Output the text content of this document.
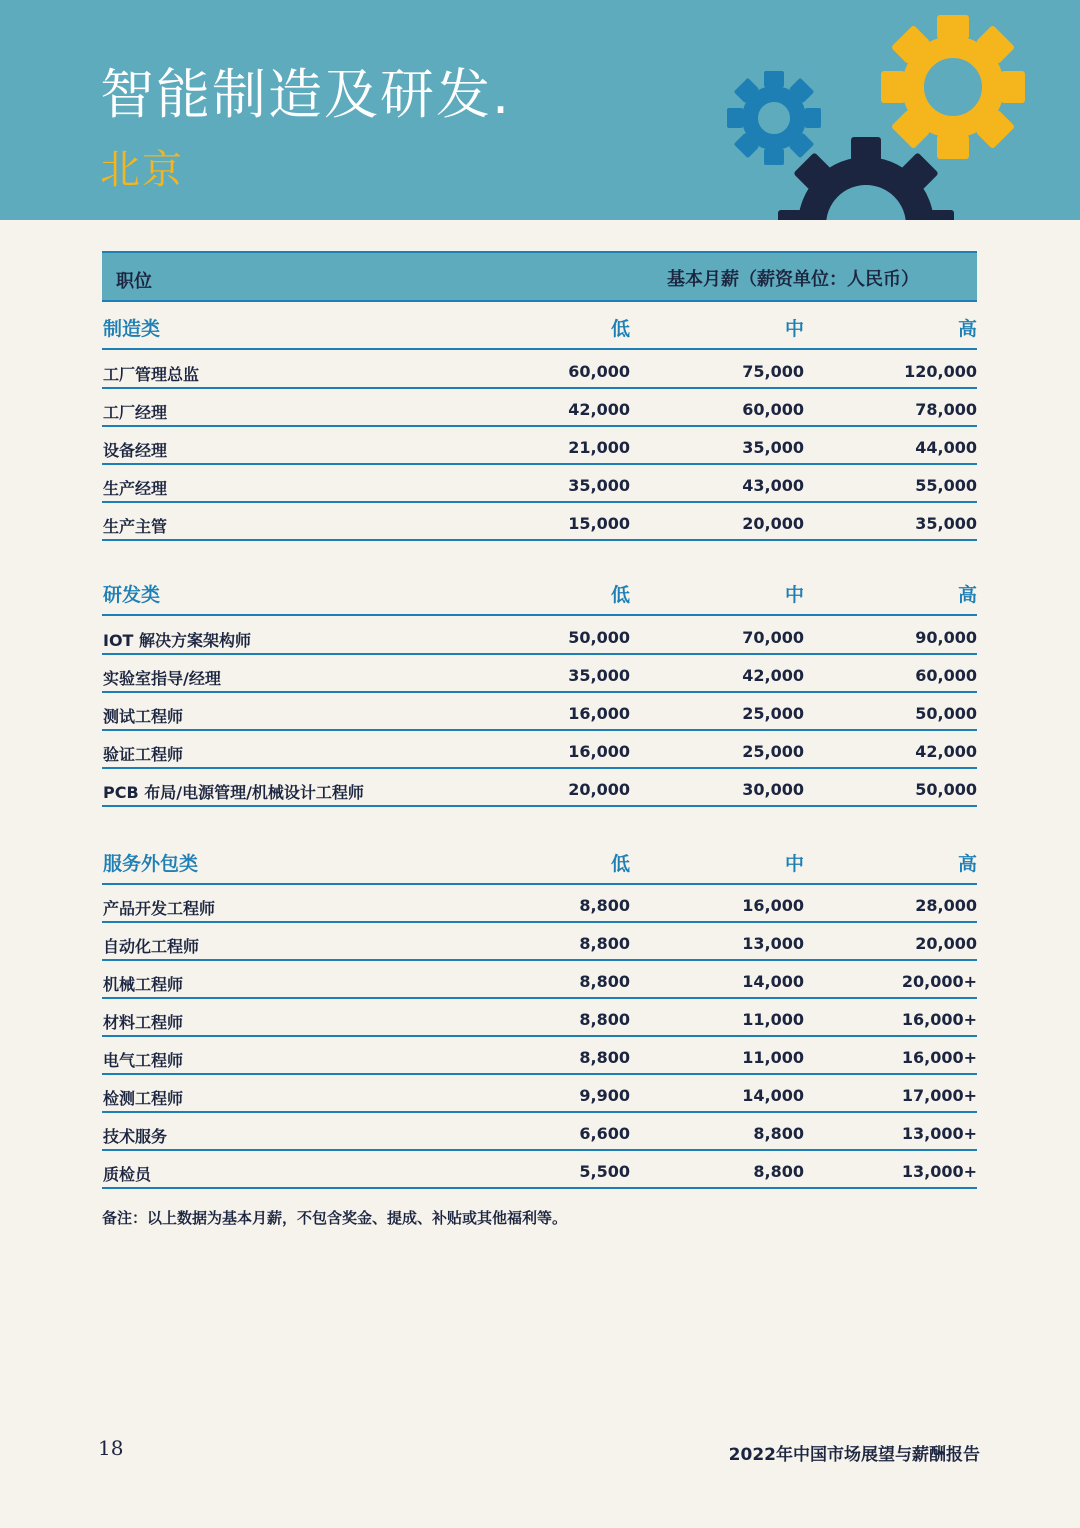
智能制造及研发.
北京
职位	基本月薪（薪资单位：人民币）
制造类	低	中	高
工厂管理总监	60,000	75,000	120,000
工厂经理	42,000	60,000	78,000
设备经理	21,000	35,000	44,000
生产经理	35,000	43,000	55,000
生产主管	15,000	20,000	35,000
研发类	低	中	高
IOT 解决方案架构师	50,000	70,000	90,000
实验室指导/经理	35,000	42,000	60,000
测试工程师	16,000	25,000	50,000
验证工程师	16,000	25,000	42,000
PCB 布局/电源管理/机械设计工程师	20,000	30,000	50,000
服务外包类	低	中	高
产品开发工程师	8,800	16,000	28,000
自动化工程师	8,800	13,000	20,000
机械工程师	8,800	14,000	20,000+
材料工程师	8,800	11,000	16,000+
电气工程师	8,800	11,000	16,000+
检测工程师	9,900	14,000	17,000+
技术服务	6,600	8,800	13,000+
质检员	5,500	8,800	13,000+
备注：以上数据为基本月薪，不包含奖金、提成、补贴或其他福利等。
18	2022年中国市场展望与薪酬报告
